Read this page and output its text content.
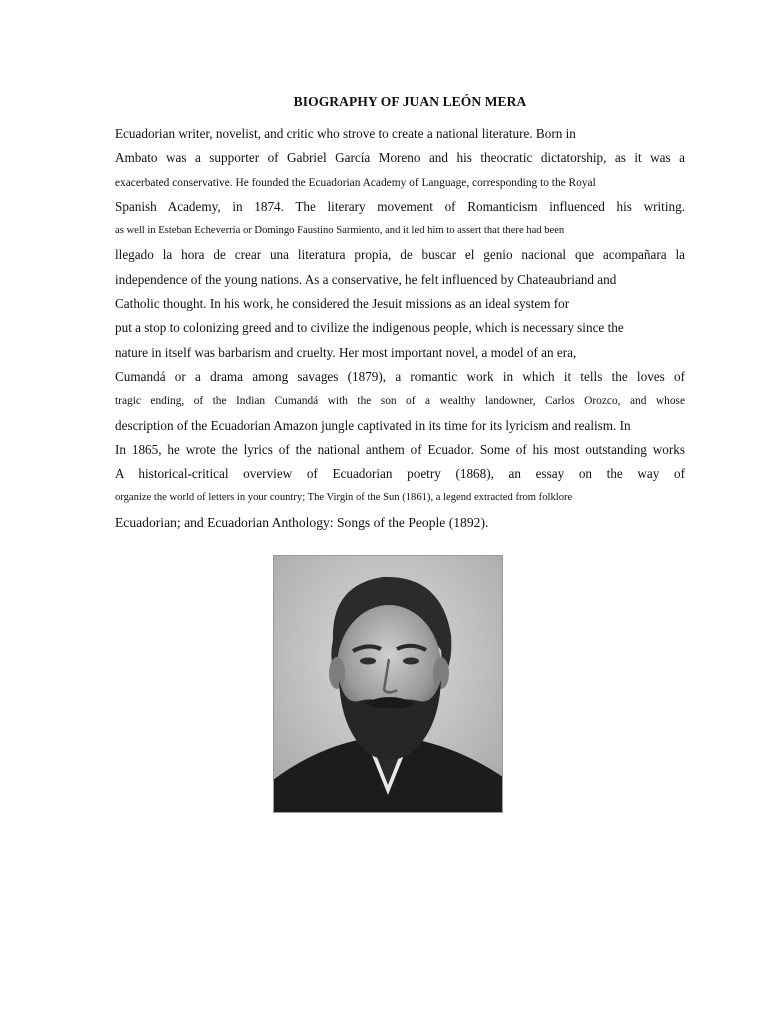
BIOGRAPHY OF JUAN LEÓN MERA
Ecuadorian writer, novelist, and critic who strove to create a national literature. Born in
Ambato was a supporter of Gabriel García Moreno and his theocratic dictatorship, as it was a
exacerbated conservative. He founded the Ecuadorian Academy of Language, corresponding to the Royal
Spanish Academy, in 1874. The literary movement of Romanticism influenced his writing.
as well in Esteban Echeverría or Domingo Faustino Sarmiento, and it led him to assert that there had been
llegado la hora de crear una literatura propia, de buscar el genio nacional que acompañara la
independence of the young nations. As a conservative, he felt influenced by Chateaubriand and
Catholic thought. In his work, he considered the Jesuit missions as an ideal system for
put a stop to colonizing greed and to civilize the indigenous people, which is necessary since the
nature in itself was barbarism and cruelty. Her most important novel, a model of an era,
Cumandá or a drama among savages (1879), a romantic work in which it tells the loves of
tragic ending, of the Indian Cumandá with the son of a wealthy landowner, Carlos Orozco, and whose
description of the Ecuadorian Amazon jungle captivated in its time for its lyricism and realism. In
In 1865, he wrote the lyrics of the national anthem of Ecuador. Some of his most outstanding works
A historical-critical overview of Ecuadorian poetry (1868), an essay on the way of
organize the world of letters in your country; The Virgin of the Sun (1861), a legend extracted from folklore
Ecuadorian; and Ecuadorian Anthology: Songs of the People (1892).
